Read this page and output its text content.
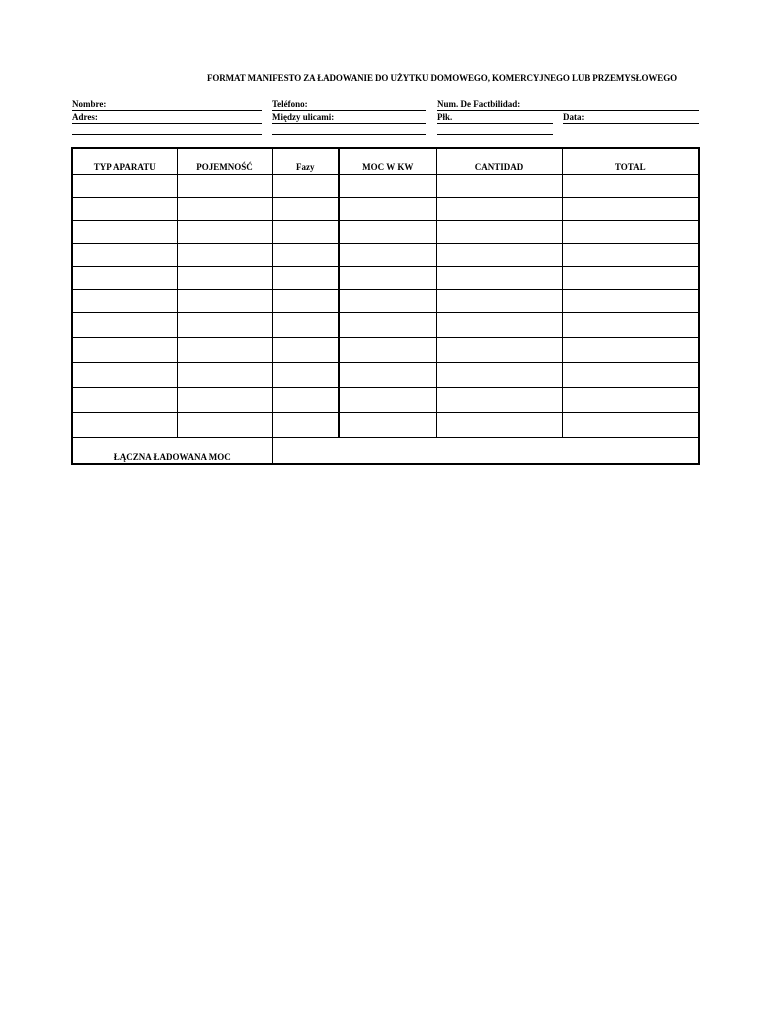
FORMAT MANIFESTO ZA ŁADOWANIE DO UŻYTKU DOMOWEGO, KOMERCYJNEGO LUB PRZEMYSŁOWEGO
Nombre:	Teléfono:	Num. De Factbilidad:
Adres:	Między ulicami:	Płk.	Data:
TYP APARATU	POJEMNOŚĆ	Fazy	MOC W KW	CANTIDAD	TOTAL

ŁĄCZNA ŁADOWANA MOC					
